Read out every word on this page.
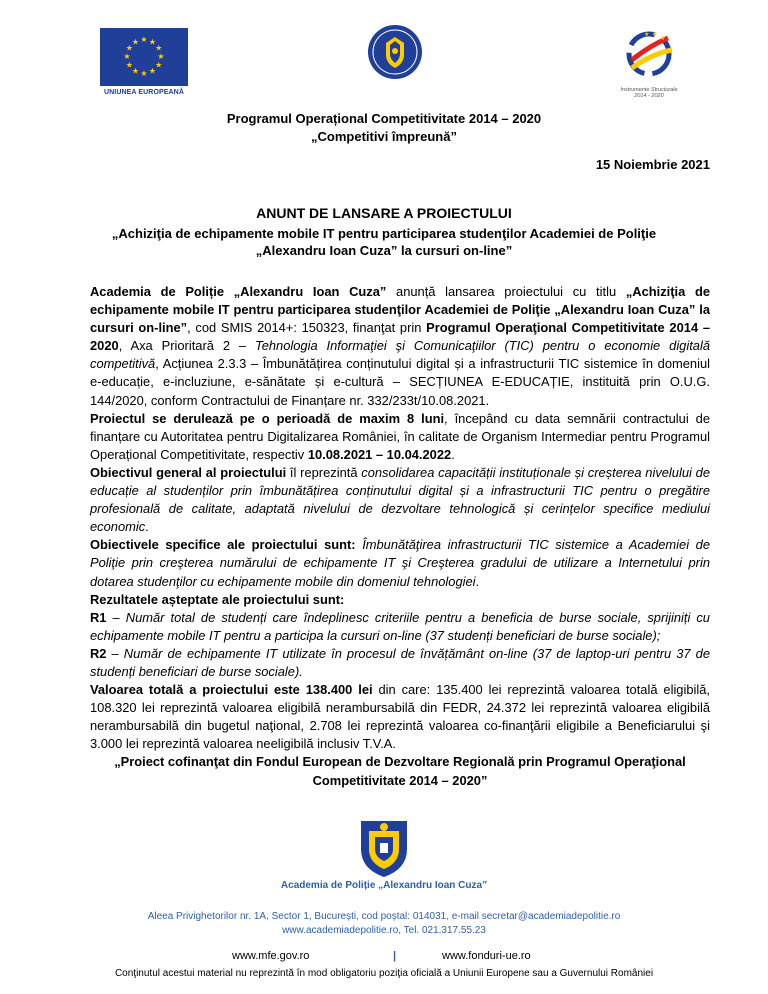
★ ★
★
★
★
★
★
★
★
★
★
★
UNIUNEA EUROPEANĂ
★ ★
★
Instrumente Structurale
2014 - 2020
Programul Operațional Competitivitate 2014 – 2020
„Competitivi împreună”
15 Noiembrie 2021
ANUNT DE LANSARE A PROIECTULUI
„Achiziţia de echipamente mobile IT pentru participarea studenţilor Academiei de Poliţie
„Alexandru Ioan Cuza” la cursuri on-line”

Academia de Poliție „Alexandru Ioan Cuza” anunță lansarea proiectului cu titlu „Achiziţia de echipamente mobile IT pentru participarea studenţilor Academiei de Poliţie „Alexandru Ioan Cuza” la cursuri on-line”, cod SMIS 2014+: 150323, finanţat prin Programul Operaţional Competitivitate 2014 – 2020, Axa Prioritară 2 – Tehnologia Informaţiei şi Comunicaţiilor (TIC) pentru o economie digitală competitivă, Acțiunea 2.3.3 – Îmbunătățirea conținutului digital și a infrastructurii TIC sistemice în domeniul e-educație, e-incluziune, e-sănătate și e-cultură – SECȚIUNEA E-EDUCAȚIE, instituită prin O.U.G. 144/2020, conform Contractului de Finanțare nr. 332/233t/10.08.2021.

Proiectul se derulează pe o perioadă de maxim 8 luni, începând cu data semnării contractului de finanțare cu Autoritatea pentru Digitalizarea României, în calitate de Organism Intermediar pentru Programul Operațional Competitivitate, respectiv 10.08.2021 – 10.04.2022.

Obiectivul general al proiectului îl reprezintă consolidarea capacității instituționale și creșterea nivelului de educație al studenților prin îmbunătățirea conținutului digital și a infrastructurii TIC pentru o pregătire profesională de calitate, adaptată nivelului de dezvoltare tehnologică și cerințelor specifice mediului economic.

Obiectivele specifice ale proiectului sunt: Îmbunătăţirea infrastructurii TIC sistemice a Academiei de Poliţie prin creşterea numărului de echipamente IT şi Creşterea gradului de utilizare a Internetului prin dotarea studenţilor cu echipamente mobile din domeniul tehnologiei.

Rezultatele așteptate ale proiectului sunt:

R1 – Număr total de studenți care îndeplinesc criteriile pentru a beneficia de burse sociale, sprijiniți cu echipamente mobile IT pentru a participa la cursuri on-line (37 studenți beneficiari de burse sociale);

R2 – Număr de echipamente IT utilizate în procesul de învățământ on-line (37 de laptop-uri pentru 37 de studenți beneficiari de burse sociale).

Valoarea totală a proiectului este 138.400 lei din care: 135.400 lei reprezintă valoarea totală eligibilă, 108.320 lei reprezintă valoarea eligibilă nerambursabilă din FEDR, 24.372 lei reprezintă valoarea eligibilă nerambursabilă din bugetul naţional, 2.708 lei reprezintă valoarea co-finanţării eligibile a Beneficiarului şi 3.000 lei reprezintă valoarea neeligibilă inclusiv T.V.A.

„Proiect cofinanţat din Fondul European de Dezvoltare Regională prin Programul Operaţional Competitivitate 2014 – 2020”

Academia de Poliție „Alexandru Ioan Cuza”
Aleea Privighetorilor nr. 1A, Sector 1, București, cod poștal: 014031, e-mail secretar@academiadepolitie.ro
www.academiadepolitie.ro, Tel. 021.317.55.23
www.mfe.gov.ro	|	www.fonduri-ue.ro
Conţinutul acestui material nu reprezintă în mod obligatoriu poziţia oficială a Uniunii Europene sau a Guvernului României
